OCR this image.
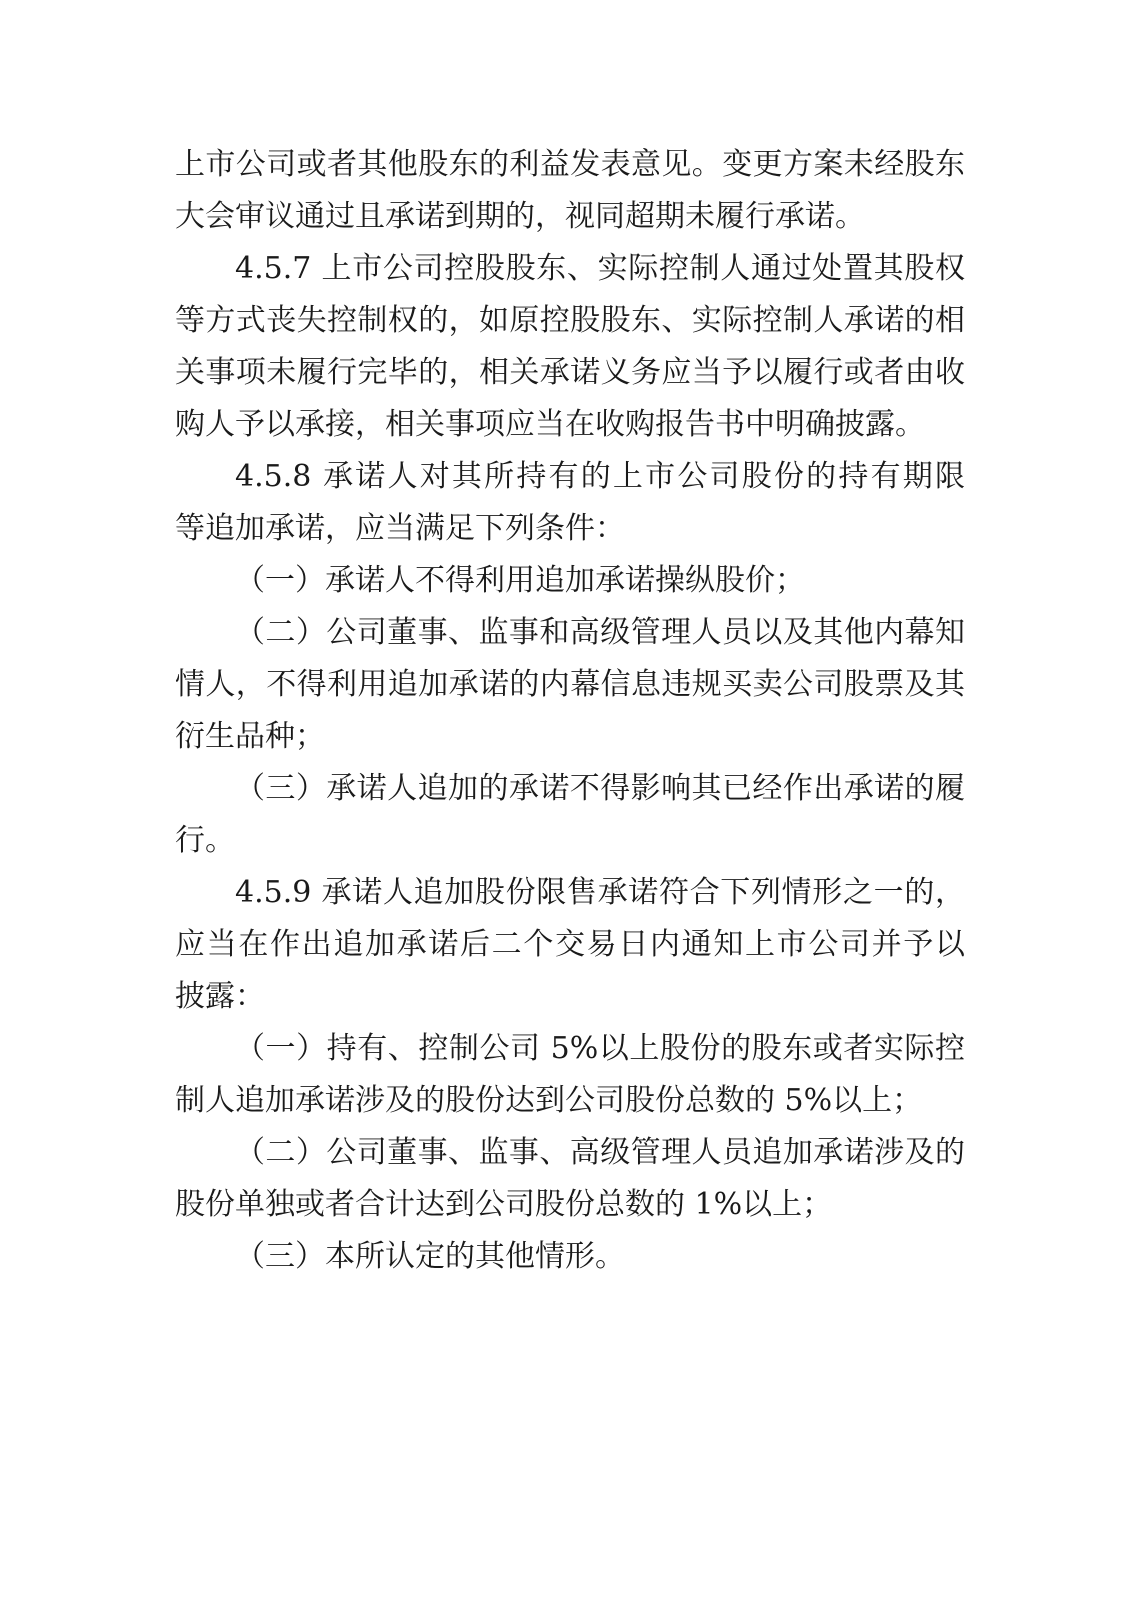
上市公司或者其他股东的利益发表意见。变更方案未经股东
大会审议通过且承诺到期的，视同超期未履行承诺。
4.5.7 上市公司控股股东、实际控制人通过处置其股权
等方式丧失控制权的，如原控股股东、实际控制人承诺的相
关事项未履行完毕的，相关承诺义务应当予以履行或者由收
购人予以承接，相关事项应当在收购报告书中明确披露。
4.5.8 承诺人对其所持有的上市公司股份的持有期限
等追加承诺，应当满足下列条件：
（一）承诺人不得利用追加承诺操纵股价；
（二）公司董事、监事和高级管理人员以及其他内幕知
情人，不得利用追加承诺的内幕信息违规买卖公司股票及其
衍生品种；
（三）承诺人追加的承诺不得影响其已经作出承诺的履
行。
4.5.9 承诺人追加股份限售承诺符合下列情形之一的，
应当在作出追加承诺后二个交易日内通知上市公司并予以
披露：
（一）持有、控制公司 5%以上股份的股东或者实际控
制人追加承诺涉及的股份达到公司股份总数的 5%以上；
（二）公司董事、监事、高级管理人员追加承诺涉及的
股份单独或者合计达到公司股份总数的 1%以上；
（三）本所认定的其他情形。
